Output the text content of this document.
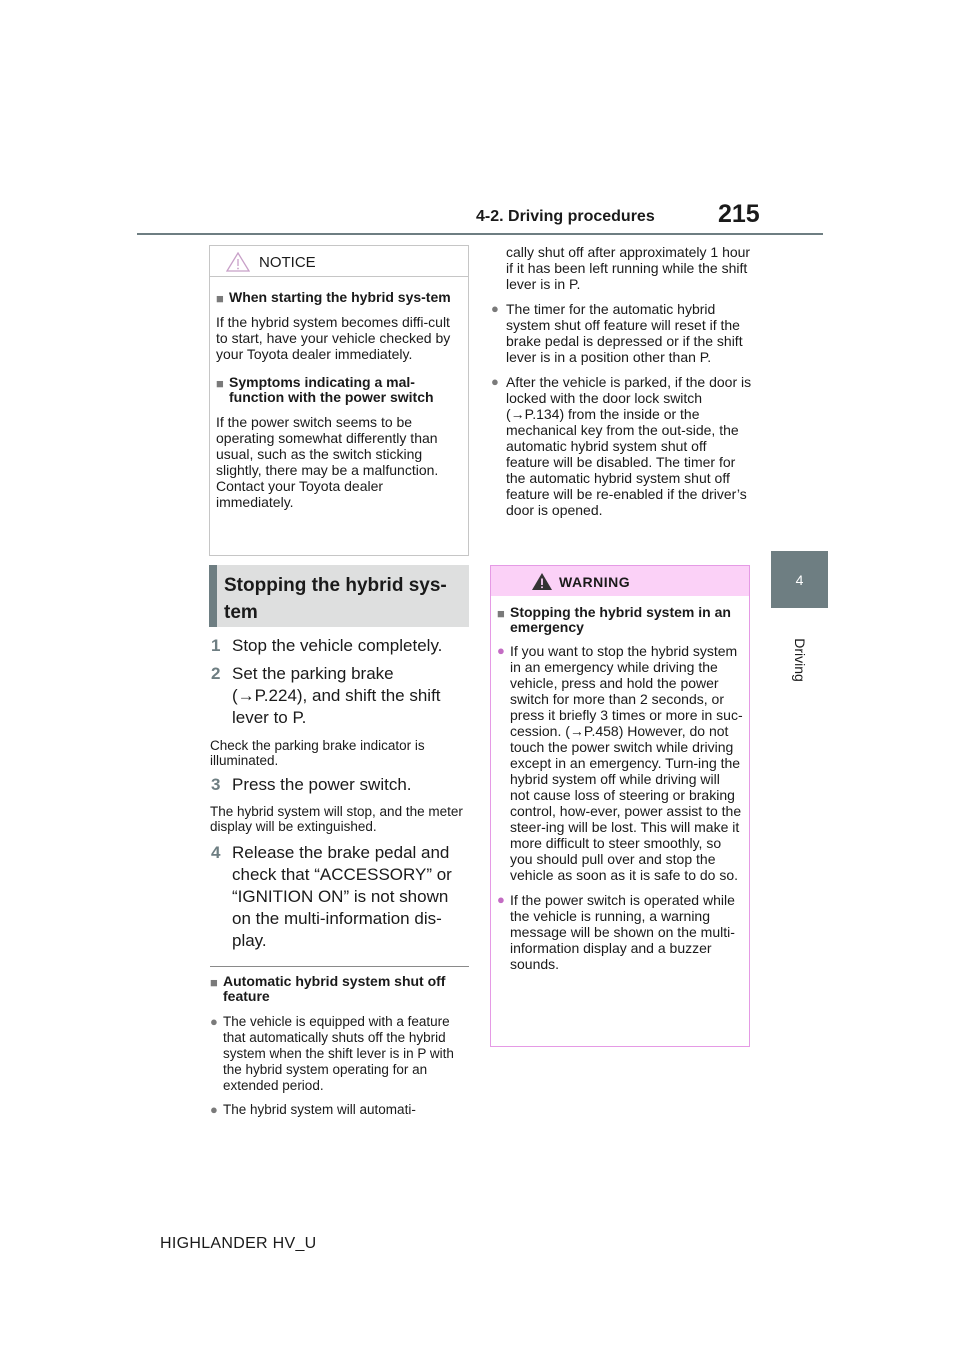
4-2. Driving procedures	215
4
Driving
NOTICE
■ When starting the hybrid sys-tem
If the hybrid system becomes diffi-cult to start, have your vehicle checked by your Toyota dealer immediately.
■ Symptoms indicating a mal-function with the power switch
If the power switch seems to be operating somewhat differently than usual, such as the switch sticking slightly, there may be a malfunction. Contact your Toyota dealer immediately.
Stopping the hybrid sys-tem
1 Stop the vehicle completely.
2 Set the parking brake (→P.224), and shift the shift lever to P.
Check the parking brake indicator is illuminated.
3 Press the power switch.
The hybrid system will stop, and the meter display will be extinguished.
4 Release the brake pedal and check that “ACCESSORY” or “IGNITION ON” is not shown on the multi-information dis-play.
■ Automatic hybrid system shut off feature
● The vehicle is equipped with a feature that automatically shuts off the hybrid system when the shift lever is in P with the hybrid system operating for an extended period.
● The hybrid system will automati-
cally shut off after approximately 1 hour if it has been left running while the shift lever is in P.
● The timer for the automatic hybrid system shut off feature will reset if the brake pedal is depressed or if the shift lever is in a position other than P.
● After the vehicle is parked, if the door is locked with the door lock switch (→P.134) from the inside or the mechanical key from the out-side, the automatic hybrid system shut off feature will be disabled. The timer for the automatic hybrid system shut off feature will be re-enabled if the driver’s door is opened.
WARNING
■ Stopping the hybrid system in an emergency
● If you want to stop the hybrid system in an emergency while driving the vehicle, press and hold the power switch for more than 2 seconds, or press it briefly 3 times or more in suc-cession. (→P.458) However, do not touch the power switch while driving except in an emergency. Turn-ing the hybrid system off while driving will not cause loss of steering or braking control, how-ever, power assist to the steer-ing will be lost. This will make it more difficult to steer smoothly, so you should pull over and stop the vehicle as soon as it is safe to do so.
● If the power switch is operated while the vehicle is running, a warning message will be shown on the multi-information display and a buzzer sounds.
HIGHLANDER HV_U
